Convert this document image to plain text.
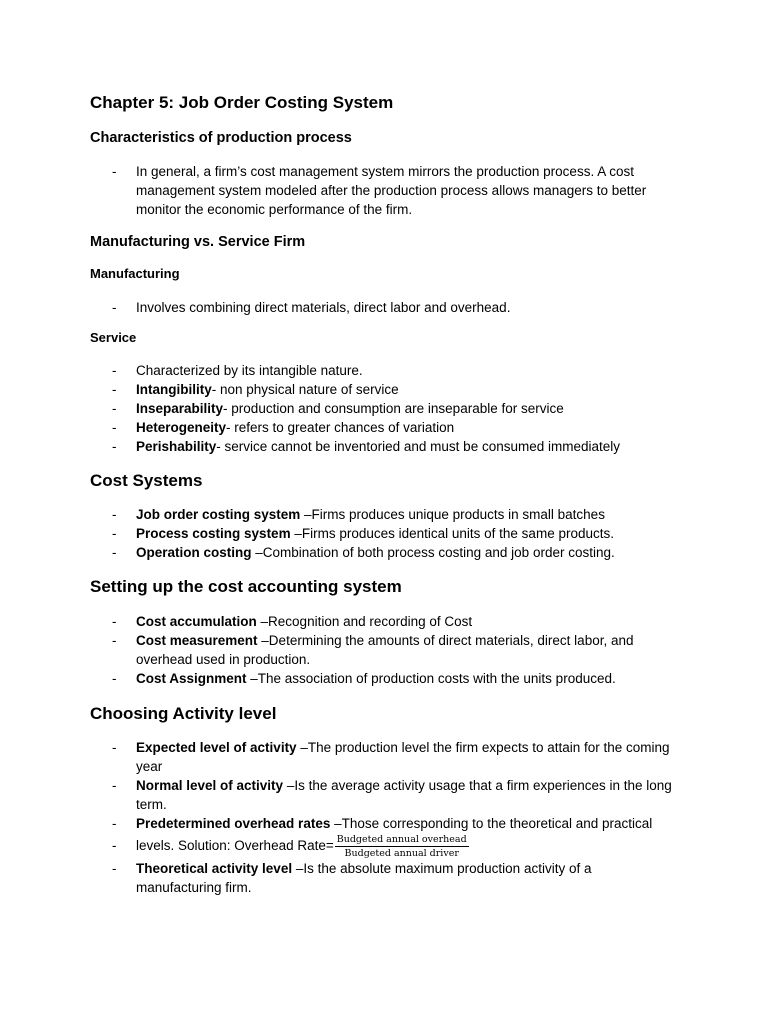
Chapter 5: Job Order Costing System
Characteristics of production process
- In general, a firm’s cost management system mirrors the production process. A cost management system modeled after the production process allows managers to better monitor the economic performance of the firm.
Manufacturing vs. Service Firm
Manufacturing
- Involves combining direct materials, direct labor and overhead.
Service
- Characterized by its intangible nature.
- Intangibility- non physical nature of service
- Inseparability- production and consumption are inseparable for service
- Heterogeneity- refers to greater chances of variation
- Perishability- service cannot be inventoried and must be consumed immediately
Cost Systems
- Job order costing system –Firms produces unique products in small batches
- Process costing system –Firms produces identical units of the same products.
- Operation costing –Combination of both process costing and job order costing.
Setting up the cost accounting system
- Cost accumulation –Recognition and recording of Cost
- Cost measurement –Determining the amounts of direct materials, direct labor, and overhead used in production.
- Cost Assignment –The association of production costs with the units produced.
Choosing Activity level
- Expected level of activity –The production level the firm expects to attain for the coming year
- Normal level of activity –Is the average activity usage that a firm experiences in the long term.
- Predetermined overhead rates –Those corresponding to the theoretical and practical
- levels. Solution: Overhead Rate= $\frac{\text{Budgeted annual overhead}}{\text{Budgeted annual driver}}$
- Theoretical activity level –Is the absolute maximum production activity of a manufacturing firm.
